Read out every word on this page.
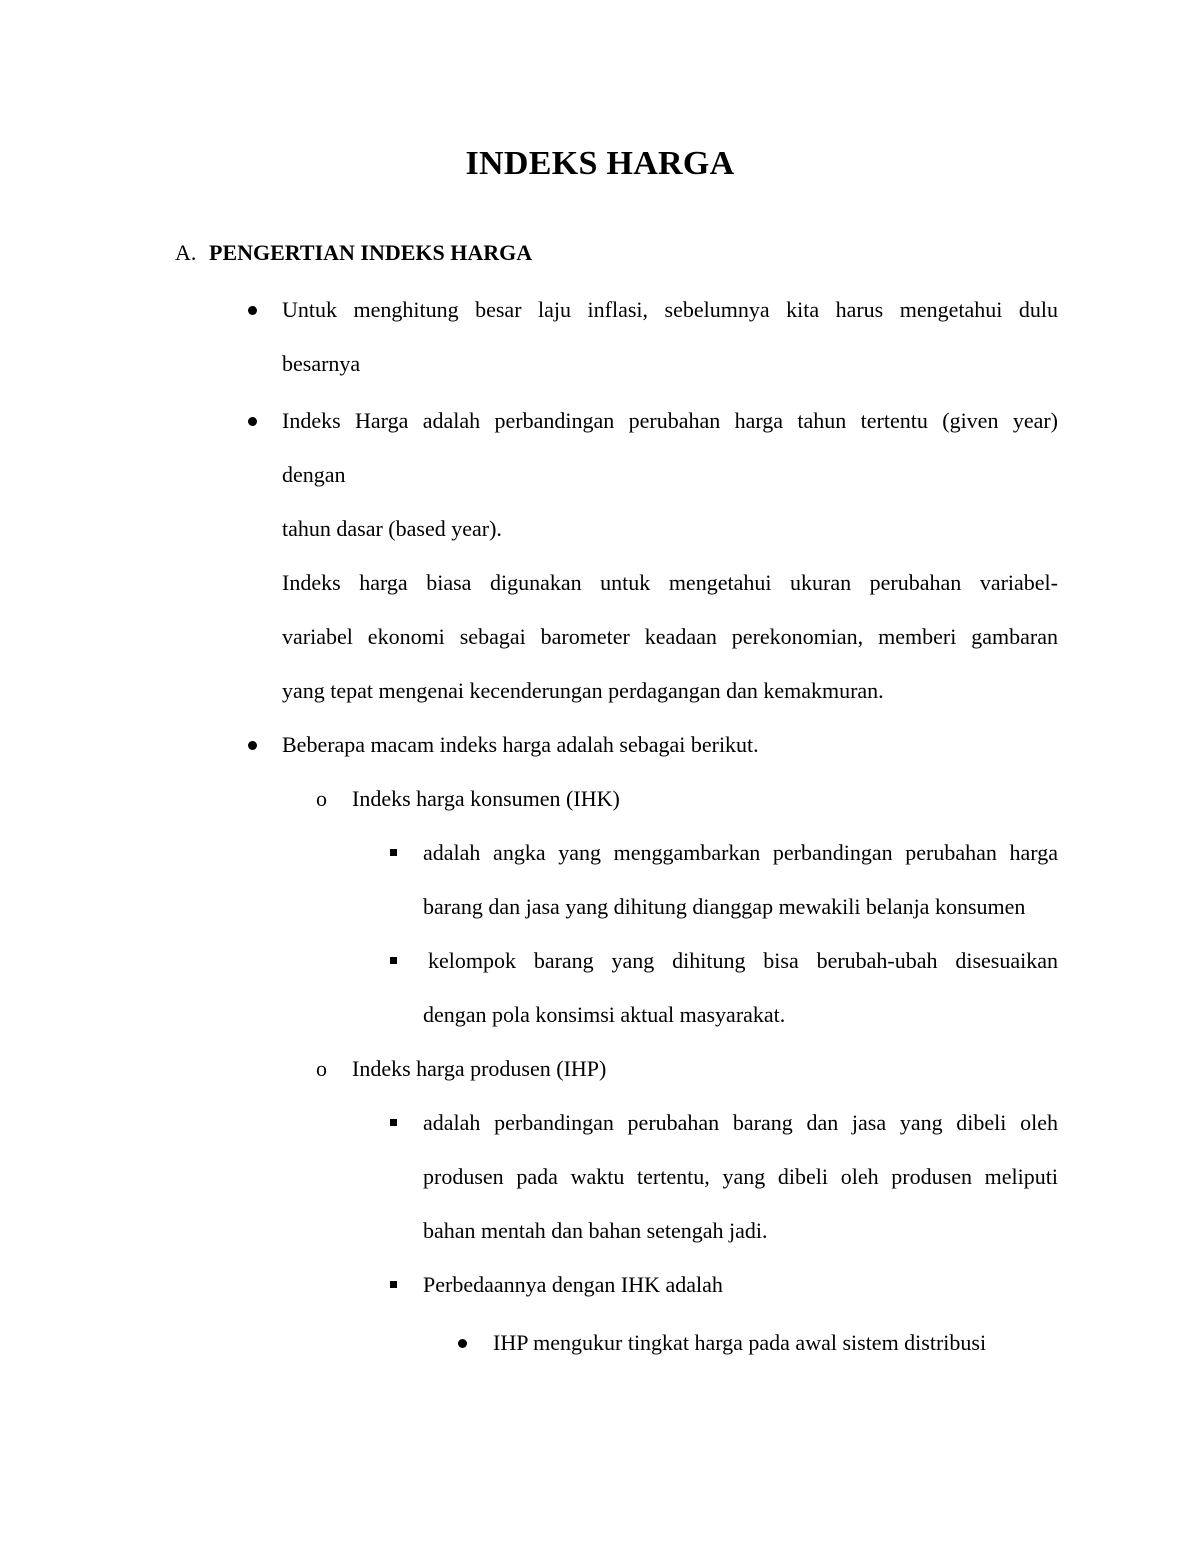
INDEKS HARGA
A. PENGERTIAN INDEKS HARGA
Untuk menghitung besar laju inflasi, sebelumnya kita harus mengetahui dulu
besarnya
Indeks Harga adalah perbandingan perubahan harga tahun tertentu (given year)
dengan
tahun dasar (based year).
Indeks harga biasa digunakan untuk mengetahui ukuran perubahan variabel-
variabel ekonomi sebagai barometer keadaan perekonomian, memberi gambaran
yang tepat mengenai kecenderungan perdagangan dan kemakmuran.
Beberapa macam indeks harga adalah sebagai berikut.
o Indeks harga konsumen (IHK)
adalah angka yang menggambarkan perbandingan perubahan harga
barang dan jasa yang dihitung dianggap mewakili belanja konsumen
kelompok barang yang dihitung bisa berubah-ubah disesuaikan
dengan pola konsimsi aktual masyarakat.
o Indeks harga produsen (IHP)
adalah perbandingan perubahan barang dan jasa yang dibeli oleh
produsen pada waktu tertentu, yang dibeli oleh produsen meliputi
bahan mentah dan bahan setengah jadi.
Perbedaannya dengan IHK adalah
IHP mengukur tingkat harga pada awal sistem distribusi
